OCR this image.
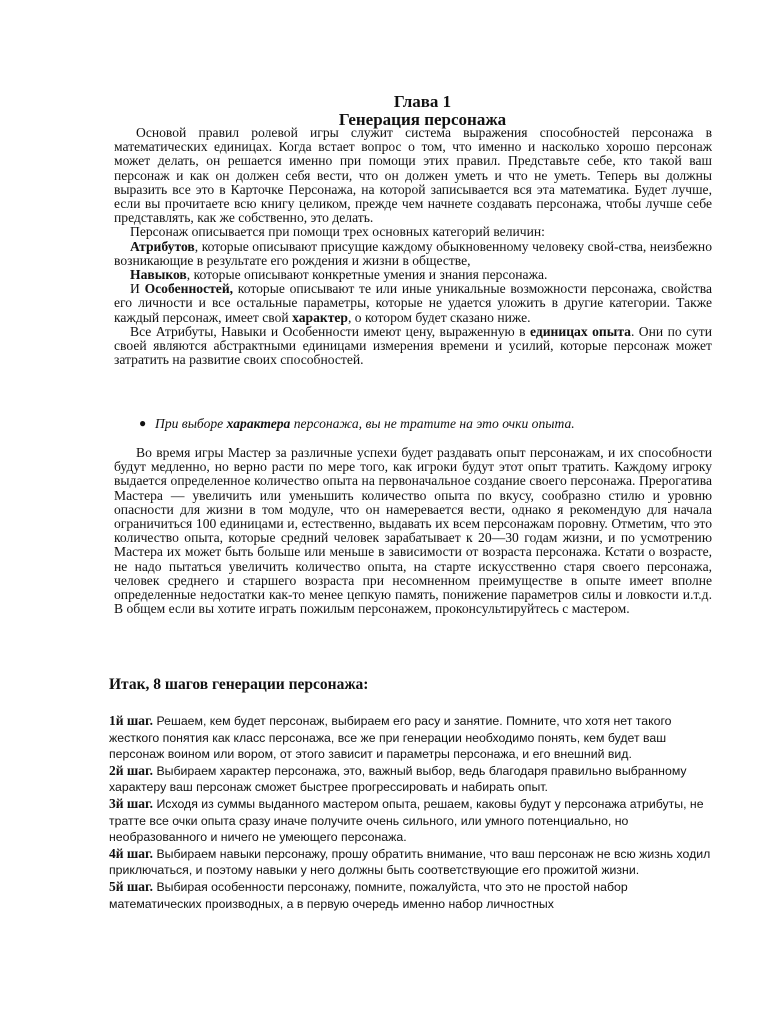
Глава 1
Генерация персонажа

Основой правил ролевой игры служит система выражения способностей персонажа в математических единицах. Когда встает вопрос о том, что именно и насколько хорошо персонаж может делать, он решается именно при помощи этих правил. Представьте себе, кто такой ваш персонаж и как он должен себя вести, что он должен уметь и что не уметь. Теперь вы должны выразить все это в Карточке Персонажа, на которой записывается вся эта математика. Будет лучше, если вы прочитаете всю книгу целиком, прежде чем начнете создавать персонажа, чтобы лучше себе представлять, как же собственно, это делать.

Персонаж описывается при помощи трех основных категорий величин:

Атрибутов, которые описывают присущие каждому обыкновенному человеку свой-ства, неизбежно возникающие в результате его рождения и жизни в обществе,

Навыков, которые описывают конкретные умения и знания персонажа.

И Особенностей, которые описывают те или иные уникальные возможности персонажа, свойства его личности и все остальные параметры, которые не удается уложить в другие категории. Также каждый персонаж, имеет свой характер, о котором будет сказано ниже.

Все Атрибуты, Навыки и Особенности имеют цену, выраженную в единицах опыта. Они по сути своей являются абстрактными единицами измерения времени и усилий, которые персонаж может затратить на развитие своих способностей.

● При выборе характера персонажа, вы не тратите на это очки опыта.

Во время игры Мастер за различные успехи будет раздавать опыт персонажам, и их способности будут медленно, но верно расти по мере того, как игроки будут этот опыт тратить. Каждому игроку выдается определенное количество опыта на первоначальное создание своего персонажа. Прерогатива Мастера — увеличить или уменьшить количество опыта по вкусу, сообразно стилю и уровню опасности для жизни в том модуле, что он намеревается вести, однако я рекомендую для начала ограничиться 100 единицами и, естественно, выдавать их всем персонажам поровну. Отметим, что это количество опыта, которые средний человек зарабатывает к 20—30 годам жизни, и по усмотрению Мастера их может быть больше или меньше в зависимости от возраста персонажа. Кстати о возрасте, не надо пытаться увеличить количество опыта, на старте искусственно старя своего персонажа, человек среднего и старшего возраста при несомненном преимуществе в опыте имеет вполне определенные недостатки как-то менее цепкую память, понижение параметров силы и ловкости и.т.д. В общем если вы хотите играть пожилым персонажем, проконсультируйтесь с мастером.

Итак, 8 шагов генерации персонажа:

1й шаг. Решаем, кем будет персонаж, выбираем его расу и занятие. Помните, что хотя нет такого жесткого понятия как класс персонажа, все же при генерации необходимо понять, кем будет ваш персонаж воином или вором, от этого зависит и параметры персонажа, и его внешний вид.

2й шаг. Выбираем характер персонажа, это, важный выбор, ведь благодаря правильно выбранному характеру ваш персонаж сможет быстрее прогрессировать и набирать опыт.

3й шаг. Исходя из суммы выданного мастером опыта, решаем, каковы будут у персонажа атрибуты, не тратте все очки опыта сразу иначе получите очень сильного, или умного потенциально, но необразованного и ничего не умеющего персонажа.

4й шаг. Выбираем навыки персонажу, прошу обратить внимание, что ваш персонаж не всю жизнь ходил приключаться, и поэтому навыки у него должны быть соответствующие его прожитой жизни.

5й шаг. Выбирая особенности персонажу, помните, пожалуйста, что это не простой набор математических производных, а в первую очередь именно набор личностных
